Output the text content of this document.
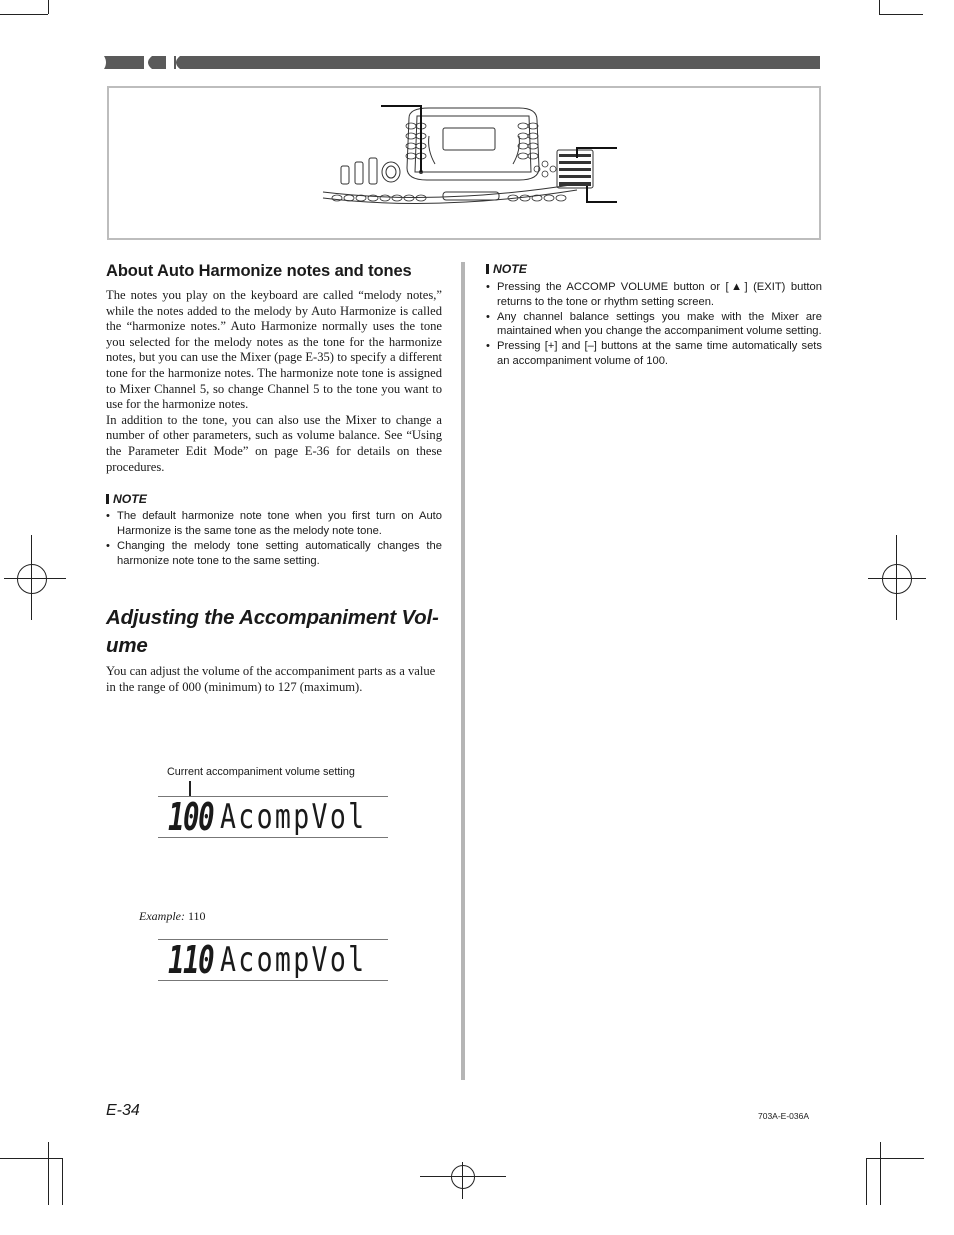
About Auto Harmonize notes and tones

The notes you play on the keyboard are called “melody notes,” while the notes added to the melody by Auto Harmonize is called the “harmonize notes.” Auto Harmonize normally uses the tone you selected for the melody notes as the tone for the harmonize notes, but you can use the Mixer (page E-35) to specify a different tone for the harmonize notes. The harmonize note tone is assigned to Mixer Channel 5, so change Channel 5 to the tone you want to use for the harmonize notes.

In addition to the tone, you can also use the Mixer to change a number of other parameters, such as volume balance. See “Using the Parameter Edit Mode” on page E-36 for details on these procedures.

NOTE
• The default harmonize note tone when you first turn on Auto Harmonize is the same tone as the melody note tone.
• Changing the melody tone setting automatically changes the harmonize note tone to the same setting.
Adjusting the Accompaniment Vol-
ume

You can adjust the volume of the accompaniment parts as a value in the range of 000 (minimum) to 127 (maximum).

Current accompaniment volume setting
100 AcompVol
Example: 110
110 AcompVol
NOTE
• Pressing the ACCOMP VOLUME button or [▲] (EXIT) button returns to the tone or rhythm setting screen.
• Any channel balance settings you make with the Mixer are maintained when you change the accompaniment volume setting.
• Pressing [+] and [–] buttons at the same time automatically sets an accompaniment volume of 100.
E-34	703A-E-036A
